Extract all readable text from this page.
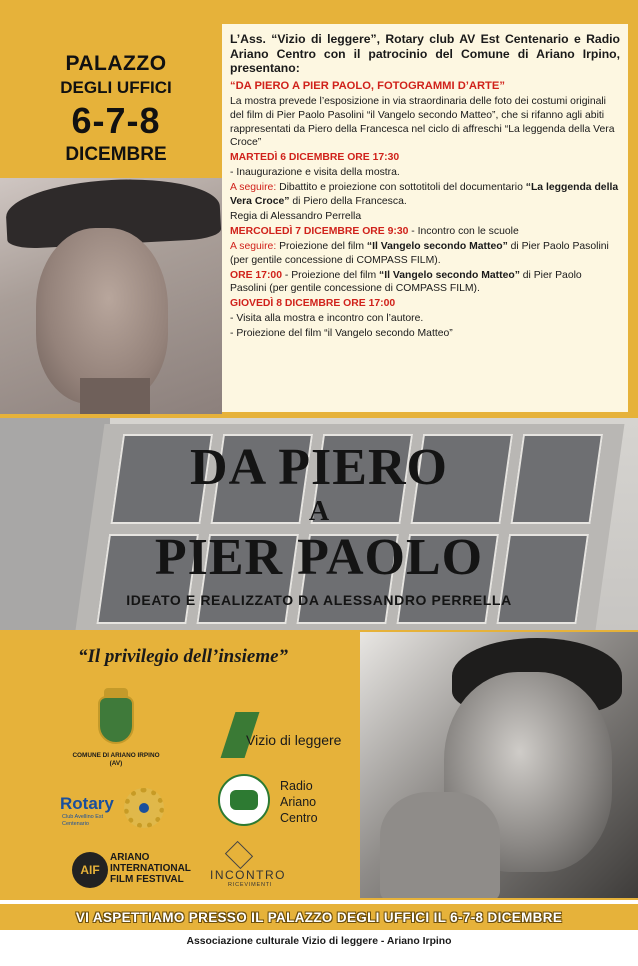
PALAZZO
DEGLI UFFICI
6-7-8
DICEMBRE
L’Ass. “Vizio di leggere”, Rotary club AV Est Centenario e Radio Ariano Centro con il patrocinio del Comune di Ariano Irpino, presentano:
“DA PIERO A PIER PAOLO, FOTOGRAMMI D’ARTE”
La mostra prevede l’esposizione in via straordinaria delle foto dei costumi originali del film di Pier Paolo Pasolini “il Vangelo secondo Matteo”, che si rifanno agli abiti rappresentati da Piero della Francesca nel ciclo di affreschi “La leggenda della Vera Croce”
MARTEDÌ 6 DICEMBRE ORE 17:30
- Inaugurazione e visita della mostra.
A seguire: Dibattito e proiezione con sottotitoli del documentario “La leggenda della Vera Croce” di Piero della Francesca.
Regia di Alessandro Perrella
MERCOLEDÌ 7 DICEMBRE ORE 9:30 - Incontro con le scuole
A seguire: Proiezione del film “Il Vangelo secondo Matteo” di Pier Paolo Pasolini (per gentile concessione di COMPASS FILM).
ORE 17:00 - Proiezione del film “Il Vangelo secondo Matteo” di Pier Paolo Pasolini (per gentile concessione di COMPASS FILM).
GIOVEDÌ 8 DICEMBRE ORE 17:00
- Visita alla mostra e incontro con l’autore.
- Proiezione del film “il Vangelo secondo Matteo”
DA PIERO
A
PIER PAOLO
IDEATO E REALIZZATO DA ALESSANDRO PERRELLA
“Il privilegio dell’insieme”
COMUNE DI ARIANO IRPINO (AV)
Vizio di leggere
Rotary
Club Avellino Est Centenario
Radio
Ariano
Centro
AIF
ARIANO
INTERNATIONAL
FILM FESTIVAL	INCONTRO
RICEVIMENTI
VI ASPETTIAMO PRESSO IL PALAZZO DEGLI UFFICI IL 6-7-8 DICEMBRE
Associazione culturale Vizio di leggere - Ariano Irpino
